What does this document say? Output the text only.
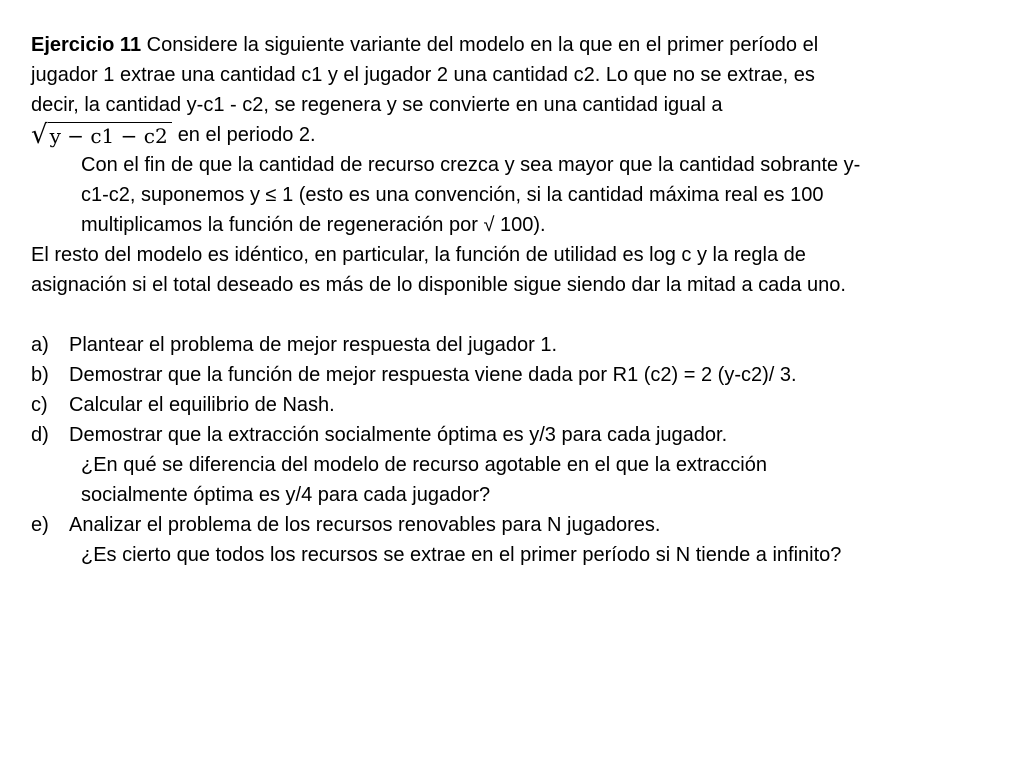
Ejercicio 11 Considere la siguiente variante del modelo en la que en el primer período el
jugador 1 extrae una cantidad c1 y el jugador 2 una cantidad c2. Lo que no se extrae, es
decir, la cantidad y-c1 - c2, se regenera y se convierte en una cantidad igual a
√ y − c1 − c2 en el periodo 2.
Con el fin de que la cantidad de recurso crezca y sea mayor que la cantidad sobrante y-
c1-c2, suponemos y ≤ 1 (esto es una convención, si la cantidad máxima real es 100
multiplicamos la función de regeneración por √ 100).
El resto del modelo es idéntico, en particular, la función de utilidad es log c y la regla de
asignación si el total deseado es más de lo disponible sigue siendo dar la mitad a cada uno.
a) Plantear el problema de mejor respuesta del jugador 1.
b) Demostrar que la función de mejor respuesta viene dada por R1 (c2) = 2 (y-c2)/ 3.
c) Calcular el equilibrio de Nash.
d) Demostrar que la extracción socialmente óptima es y/3 para cada jugador.
¿En qué se diferencia del modelo de recurso agotable en el que la extracción
socialmente óptima es y/4 para cada jugador?
e) Analizar el problema de los recursos renovables para N jugadores.
¿Es cierto que todos los recursos se extrae en el primer período si N tiende a infinito?
